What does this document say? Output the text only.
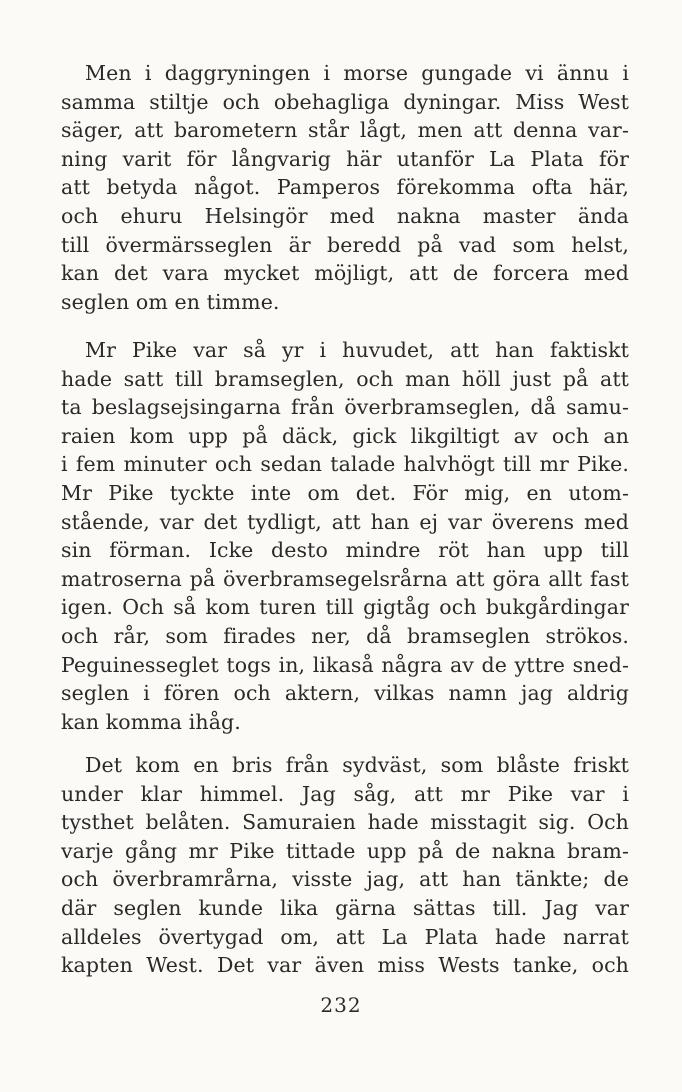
Men i daggryningen i morse gungade vi ännu i
samma stiltje och obehagliga dyningar. Miss West
säger, att barometern står lågt, men att denna var-
ning varit för långvarig här utanför La Plata för
att betyda något. Pamperos förekomma ofta här,
och ehuru Helsingör med nakna master ända
till övermärsseglen är beredd på vad som helst,
kan det vara mycket möjligt, att de forcera med
seglen om en timme.
Mr Pike var så yr i huvudet, att han faktiskt
hade satt till bramseglen, och man höll just på att
ta beslagsejsingarna från överbramseglen, då samu-
raien kom upp på däck, gick likgiltigt av och an
i fem minuter och sedan talade halvhögt till mr Pike.
Mr Pike tyckte inte om det. För mig, en utom-
stående, var det tydligt, att han ej var överens med
sin förman. Icke desto mindre röt han upp till
matroserna på överbramsegelsrårna att göra allt fast
igen. Och så kom turen till gigtåg och bukgårdingar
och rår, som firades ner, då bramseglen strökos.
Peguinesseglet togs in, likaså några av de yttre sned-
seglen i fören och aktern, vilkas namn jag aldrig
kan komma ihåg.
Det kom en bris från sydväst, som blåste friskt
under klar himmel. Jag såg, att mr Pike var i
tysthet belåten. Samuraien hade misstagit sig. Och
varje gång mr Pike tittade upp på de nakna bram-
och överbramrårna, visste jag, att han tänkte; de
där seglen kunde lika gärna sättas till. Jag var
alldeles övertygad om, att La Plata hade narrat
kapten West. Det var även miss Wests tanke, och
232
